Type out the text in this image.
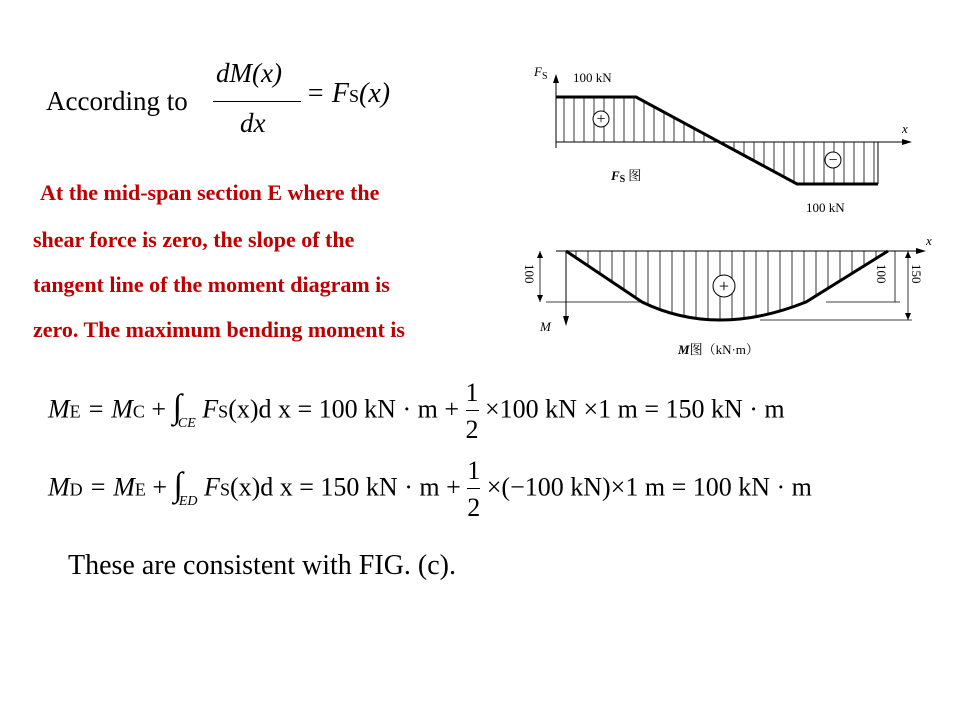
According to
dM(x)
dx
= FS(x)
At the mid-span section E where the
shear force is zero, the slope of the
tangent line of the moment diagram is
zero. The maximum bending moment is
ME = MC + $\int_{CE}$ FS(x)d x = 100 kN · $m + \frac{1}{2} \times 100$ kN ×1 m = 150 kN · m
MD = ME + $\int_{ED}$ FS(x)d x = 150 kN · $m + \frac{1}{2} \times(-100$ kN)×1 m = 100 kN · m
These are consistent with FIG. (c).
+
−
$F_S$ 100 kN
x
100 kN
FS 图
+
100	100 150
x
M
M图（kN·m）
